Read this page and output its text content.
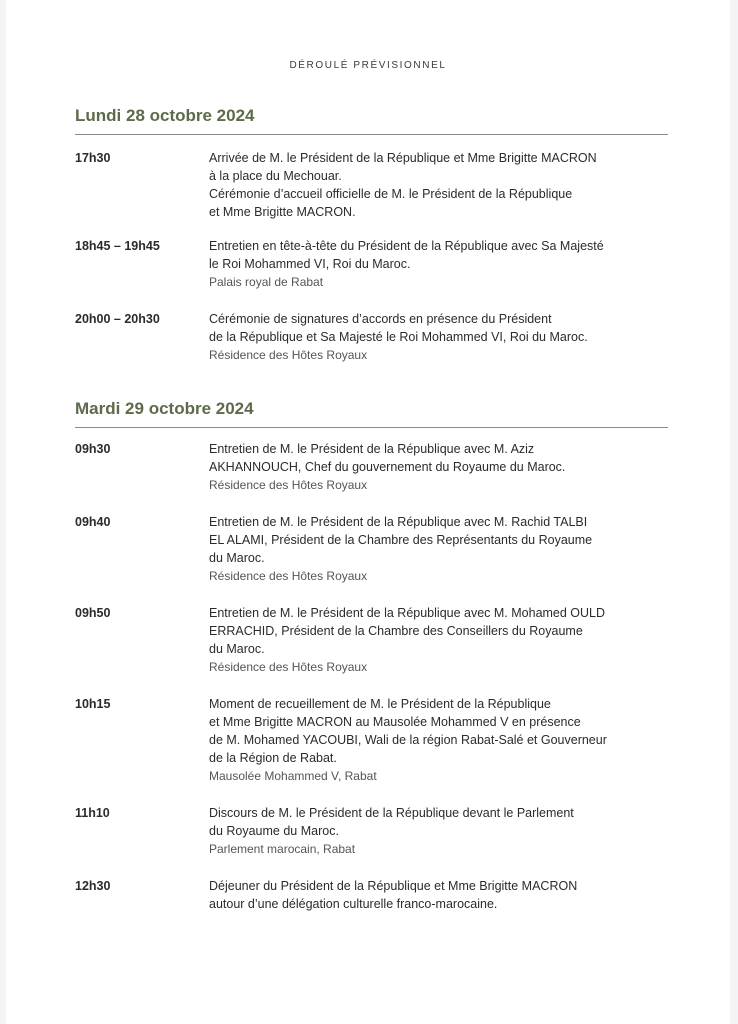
DÉROULÉ PRÉVISIONNEL
Lundi 28 octobre 2024
17h30	Arrivée de M. le Président de la République et Mme Brigitte MACRON
à la place du Mechouar.
Cérémonie d’accueil officielle de M. le Président de la République
et Mme Brigitte MACRON.
18h45 – 19h45	Entretien en tête-à-tête du Président de la République avec Sa Majesté
le Roi Mohammed VI, Roi du Maroc.
Palais royal de Rabat
20h00 – 20h30	Cérémonie de signatures d’accords en présence du Président
de la République et Sa Majesté le Roi Mohammed VI, Roi du Maroc.
Résidence des Hôtes Royaux
Mardi 29 octobre 2024
09h30	Entretien de M. le Président de la République avec M. Aziz
AKHANNOUCH, Chef du gouvernement du Royaume du Maroc.
Résidence des Hôtes Royaux
09h40	Entretien de M. le Président de la République avec M. Rachid TALBI
EL ALAMI, Président de la Chambre des Représentants du Royaume
du Maroc.
Résidence des Hôtes Royaux
09h50	Entretien de M. le Président de la République avec M. Mohamed OULD
ERRACHID, Président de la Chambre des Conseillers du Royaume
du Maroc.
Résidence des Hôtes Royaux
10h15	Moment de recueillement de M. le Président de la République
et Mme Brigitte MACRON au Mausolée Mohammed V en présence
de M. Mohamed YACOUBI, Wali de la région Rabat-Salé et Gouverneur
de la Région de Rabat.
Mausolée Mohammed V, Rabat
11h10	Discours de M. le Président de la République devant le Parlement
du Royaume du Maroc.
Parlement marocain, Rabat
12h30	Déjeuner du Président de la République et Mme Brigitte MACRON
autour d’une délégation culturelle franco-marocaine.
